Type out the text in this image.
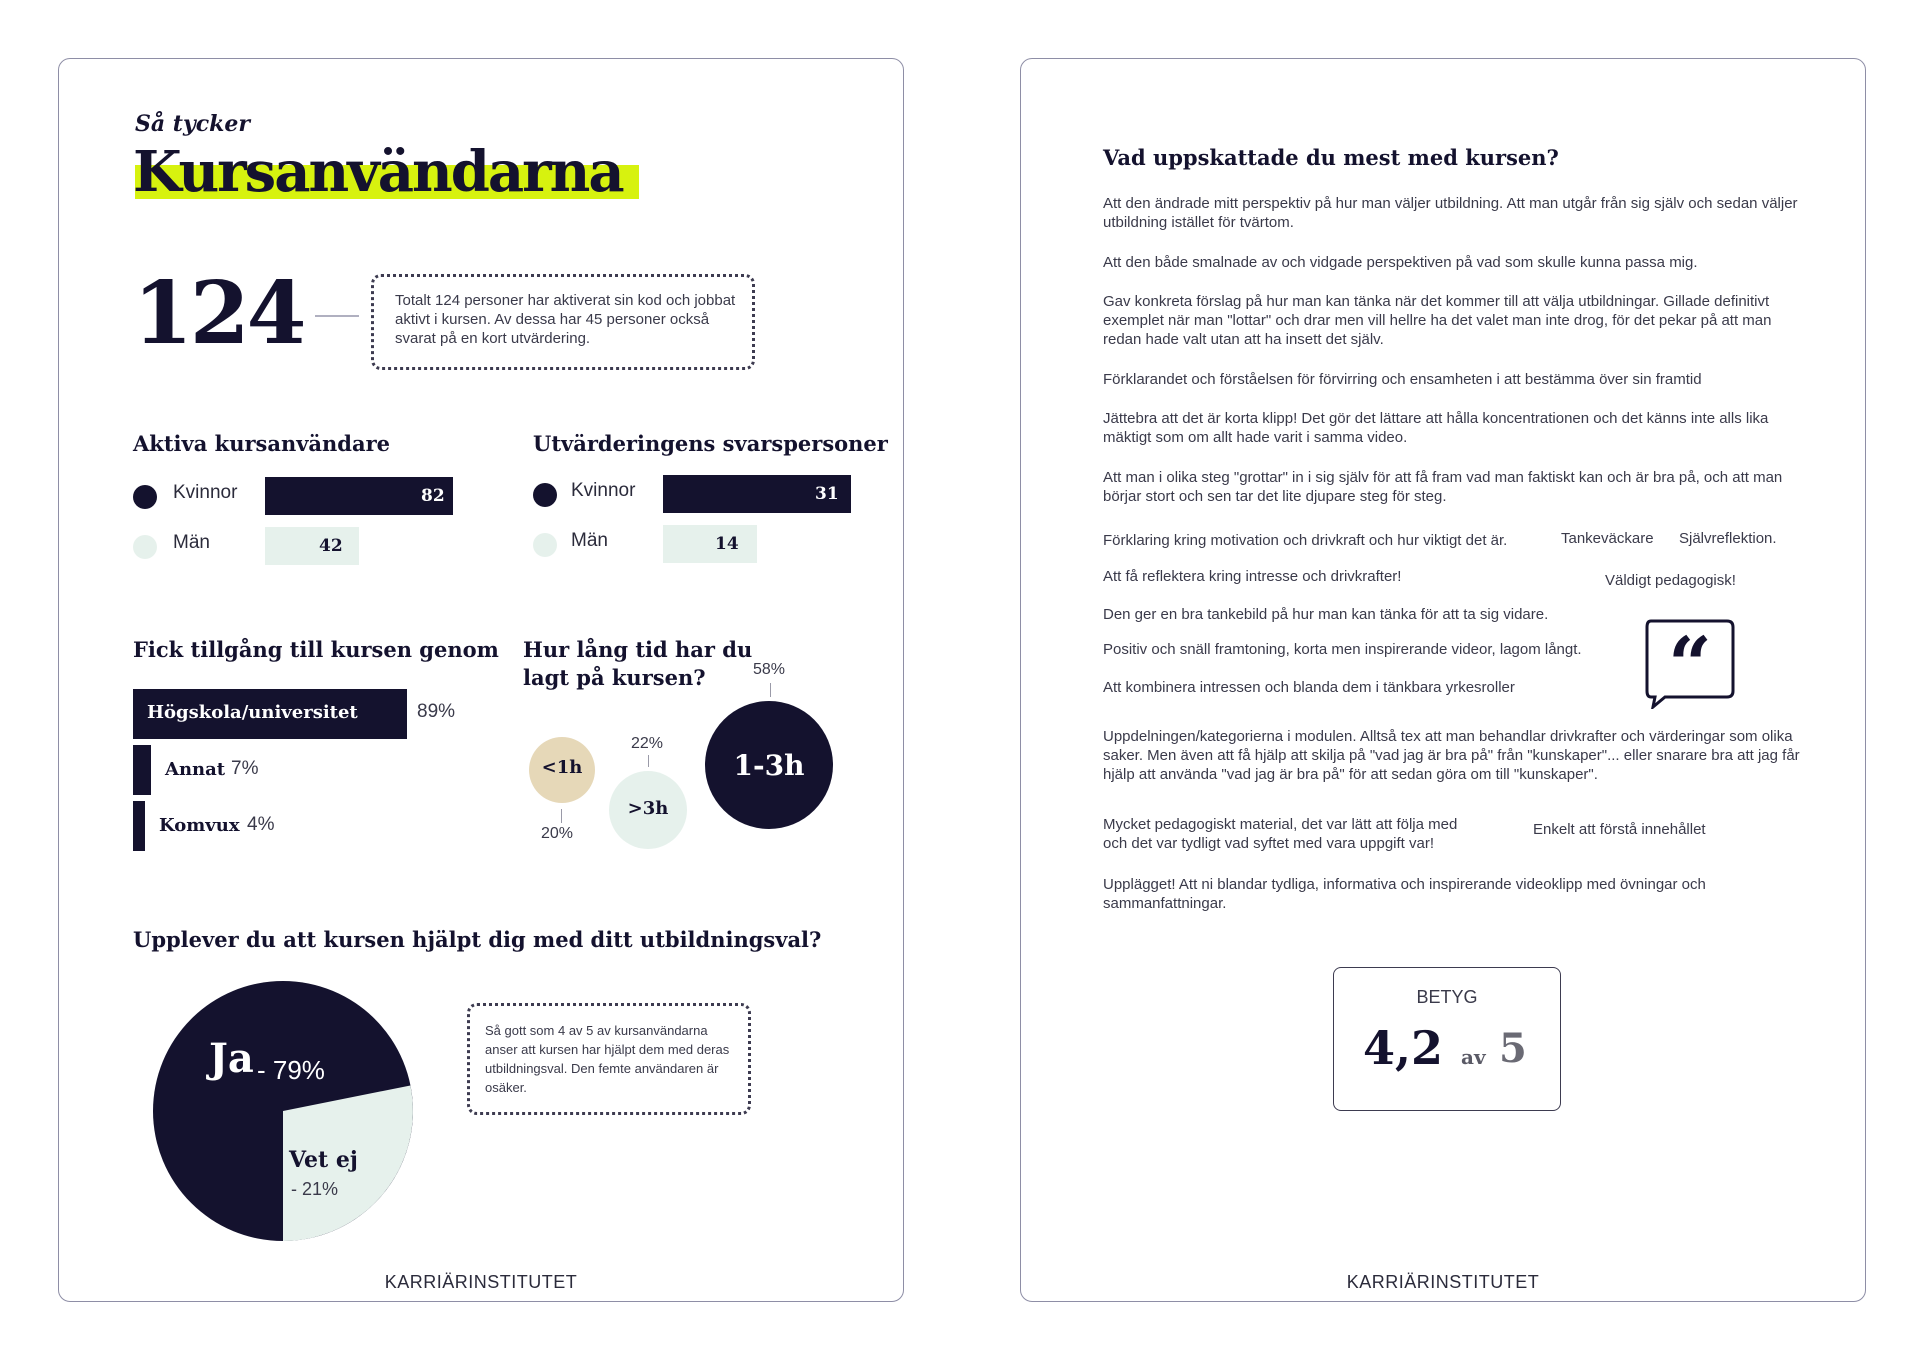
Så tycker
Kursanvändarna
124	Totalt 124 personer har aktiverat sin kod och jobbat aktivt i kursen. Av dessa har 45 personer också svarat på en kort utvärdering.
Aktiva kursanvändare
Kvinnor	82
Män	42
Utvärderingens svarspersoner
Kvinnor	31
Män	14
Fick tillgång till kursen genom
Högskola/universitet	89%
Annat 7%
Komvux 4%
Hur lång tid har du
lagt på kursen?
<1h
20%
22%
>3h
58%
1-3h
Upplever du att kursen hjälpt dig med ditt utbildningsval?
Ja - 79%
Vet ej
- 21%
Så gott som 4 av 5 av kursanvändarna anser att kursen har hjälpt dem med deras utbildningsval. Den femte användaren är osäker.
KARRIÄRINSTITUTET
Vad uppskattade du mest med kursen?
Att den ändrade mitt perspektiv på hur man väljer utbildning. Att man utgår från sig själv och sedan väljer utbildning istället för tvärtom.
Att den både smalnade av och vidgade perspektiven på vad som skulle kunna passa mig.
Gav konkreta förslag på hur man kan tänka när det kommer till att välja utbildningar. Gillade definitivt exemplet när man "lottar" och drar men vill hellre ha det valet man inte drog, för det pekar på att man redan hade valt utan att ha insett det själv.
Förklarandet och förståelsen för förvirring och ensamheten i att bestämma över sin framtid
Jättebra att det är korta klipp! Det gör det lättare att hålla koncentrationen och det känns inte alls lika mäktigt som om allt hade varit i samma video.
Att man i olika steg "grottar" in i sig själv för att få fram vad man faktiskt kan och är bra på, och att man börjar stort och sen tar det lite djupare steg för steg.
Förklaring kring motivation och drivkraft och hur viktigt det är.	Tankeväckare Självreflektion.
Att få reflektera kring intresse och drivkrafter!	Väldigt pedagogisk!
Den ger en bra tankebild på hur man kan tänka för att ta sig vidare.
Positiv och snäll framtoning, korta men inspirerande videor, lagom långt.
Att kombinera intressen och blanda dem i tänkbara yrkesroller “
Uppdelningen/kategorierna i modulen. Alltså tex att man behandlar drivkrafter och värderingar som olika saker. Men även att få hjälp att skilja på "vad jag är bra på" från "kunskaper"... eller snarare bra att jag får hjälp att använda "vad jag är bra på" för att sedan göra om till "kunskaper".
Mycket pedagogiskt material, det var lätt att följa med och det var tydligt vad syftet med vara uppgift var!
Enkelt att förstå innehållet
Upplägget! Att ni blandar tydliga, informativa och inspirerande videoklipp med övningar och sammanfattningar.
BETYG
4,2 av 5
KARRIÄRINSTITUTET
